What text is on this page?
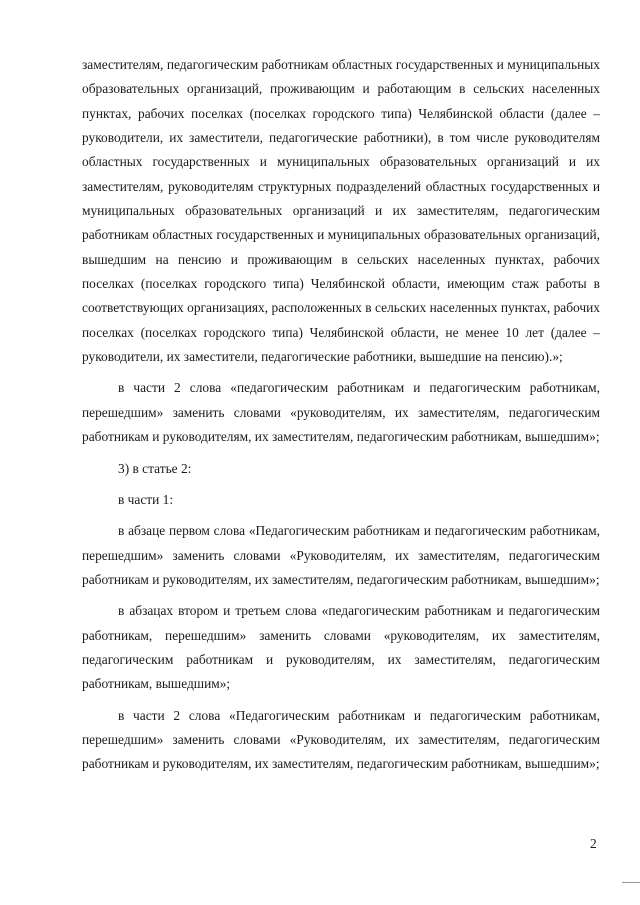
заместителям, педагогическим работникам областных государственных и муниципальных образовательных организаций, проживающим и работающим в сельских населенных пунктах, рабочих поселках (поселках городского типа) Челябинской области (далее – руководители, их заместители, педагогические работники), в том числе руководителям областных государственных и муниципальных образовательных организаций и их заместителям, руководителям структурных подразделений областных государственных и муниципальных образовательных организаций и их заместителям, педагогическим работникам областных государственных и муниципальных образовательных организаций, вышедшим на пенсию и проживающим в сельских населенных пунктах, рабочих поселках (поселках городского типа) Челябинской области, имеющим стаж работы в соответствующих организациях, расположенных в сельских населенных пунктах, рабочих поселках (поселках городского типа) Челябинской области, не менее 10 лет (далее – руководители, их заместители, педагогические работники, вышедшие на пенсию).»;

в части 2 слова «педагогическим работникам и педагогическим работникам, перешедшим» заменить словами «руководителям, их заместителям, педагогическим работникам и руководителям, их заместителям, педагогическим работникам, вышедшим»;

3) в статье 2:

в части 1:

в абзаце первом слова «Педагогическим работникам и педагогическим работникам, перешедшим» заменить словами «Руководителям, их заместителям, педагогическим работникам и руководителям, их заместителям, педагогическим работникам, вышедшим»;

в абзацах втором и третьем слова «педагогическим работникам и педагогическим работникам, перешедшим» заменить словами «руководителям, их заместителям, педагогическим работникам и руководителям, их заместителям, педагогическим работникам, вышедшим»;

в части 2 слова «Педагогическим работникам и педагогическим работникам, перешедшим» заменить словами «Руководителям, их заместителям, педагогическим работникам и руководителям, их заместителям, педагогическим работникам, вышедшим»;

2
